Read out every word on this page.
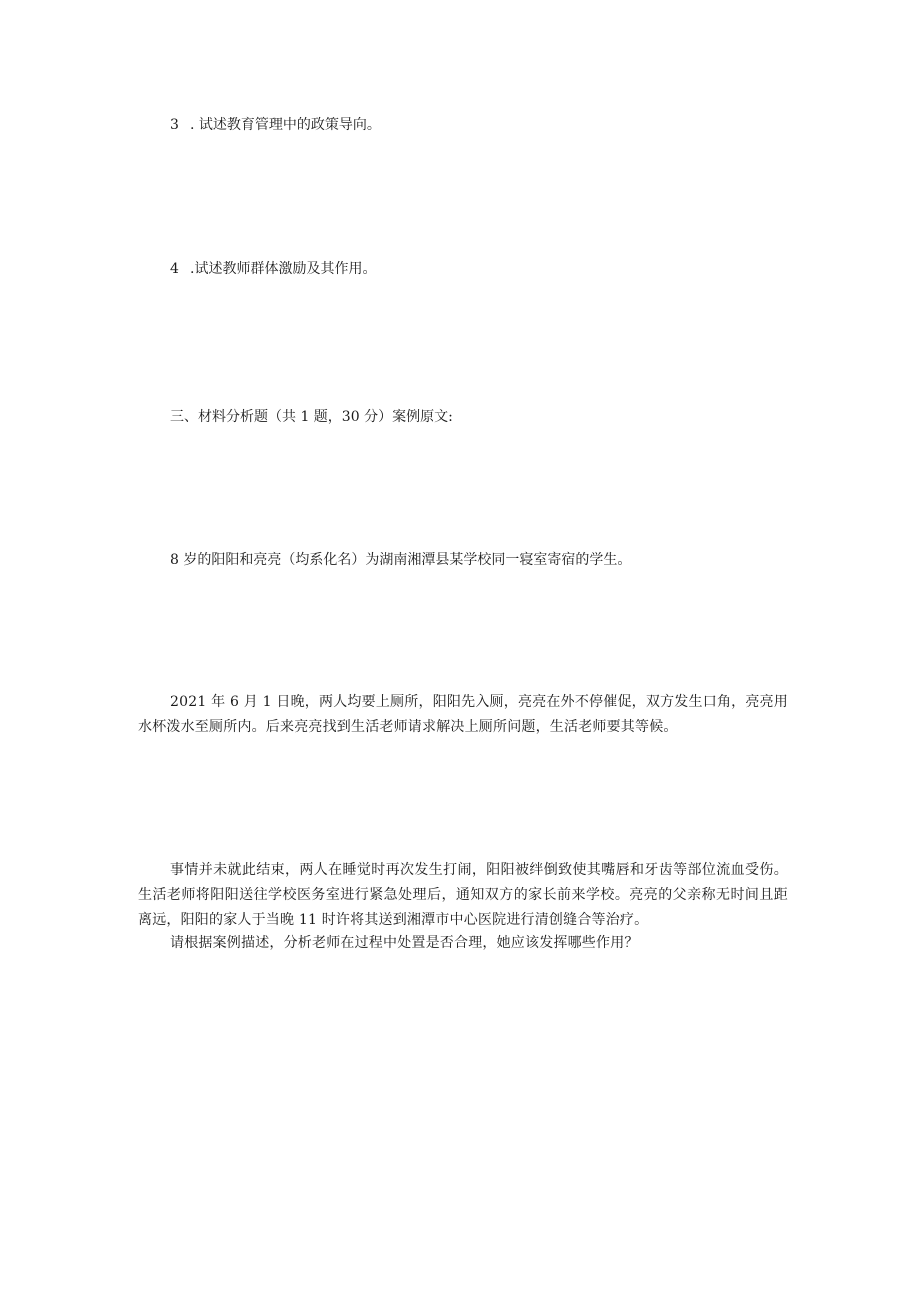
3 . 试述教育管理中的政策导向。
4 .试述教师群体激励及其作用。
三、材料分析题（共 1 题，30 分）案例原文:
8 岁的阳阳和亮亮（均系化名）为湖南湘潭县某学校同一寝室寄宿的学生。

2021 年 6 月 1 日晚，两人均要上厕所，阳阳先入厕，亮亮在外不停催促，双方发生口角，亮亮用水杯泼水至厕所内。后来亮亮找到生活老师请求解决上厕所问题，生活老师要其等候。

事情并未就此结束，两人在睡觉时再次发生打闹，阳阳被绊倒致使其嘴唇和牙齿等部位流血受伤。生活老师将阳阳送往学校医务室进行紧急处理后，通知双方的家长前来学校。亮亮的父亲称无时间且距离远，阳阳的家人于当晚 11 时许将其送到湘潭市中心医院进行清创缝合等治疗。

请根据案例描述，分析老师在过程中处置是否合理，她应该发挥哪些作用？
